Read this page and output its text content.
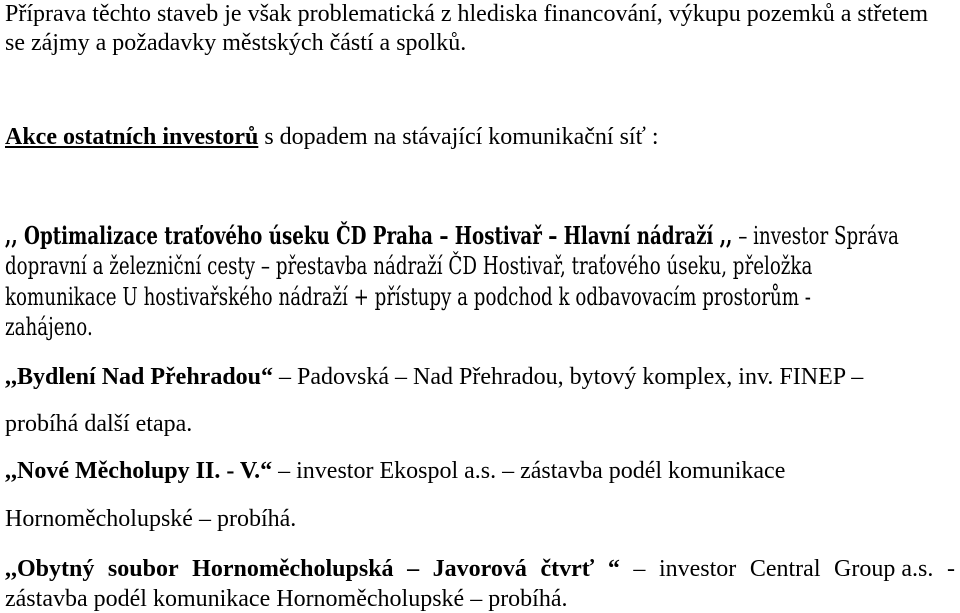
Příprava těchto staveb je však problematická z hlediska financování, výkupu pozemků a střetem
se zájmy a požadavky městských částí a spolků.
Akce ostatních investorů s dopadem na stávající komunikační síť :
,, Optimalizace traťového úseku ČD Praha – Hostivař – Hlavní nádraží ,, – investor Správa
dopravní a železniční cesty – přestavba nádraží ČD Hostivař, traťového úseku, přeložka
komunikace U hostivařského nádraží + přístupy a podchod k odbavovacím prostorům -
zahájeno.
,,Bydlení Nad Přehradou“ – Padovská – Nad Přehradou, bytový komplex, inv. FINEP –
probíhá další etapa.
,,Nové Měcholupy II. - V.“ – investor Ekospol a.s. – zástavba podél komunikace
Hornoměcholupské – probíhá.
,,Obytný soubor Hornoměcholupská – Javorová čtvrť “ – investor Central Group a.s. -
zástavba podél komunikace Hornoměcholupské – probíhá.
